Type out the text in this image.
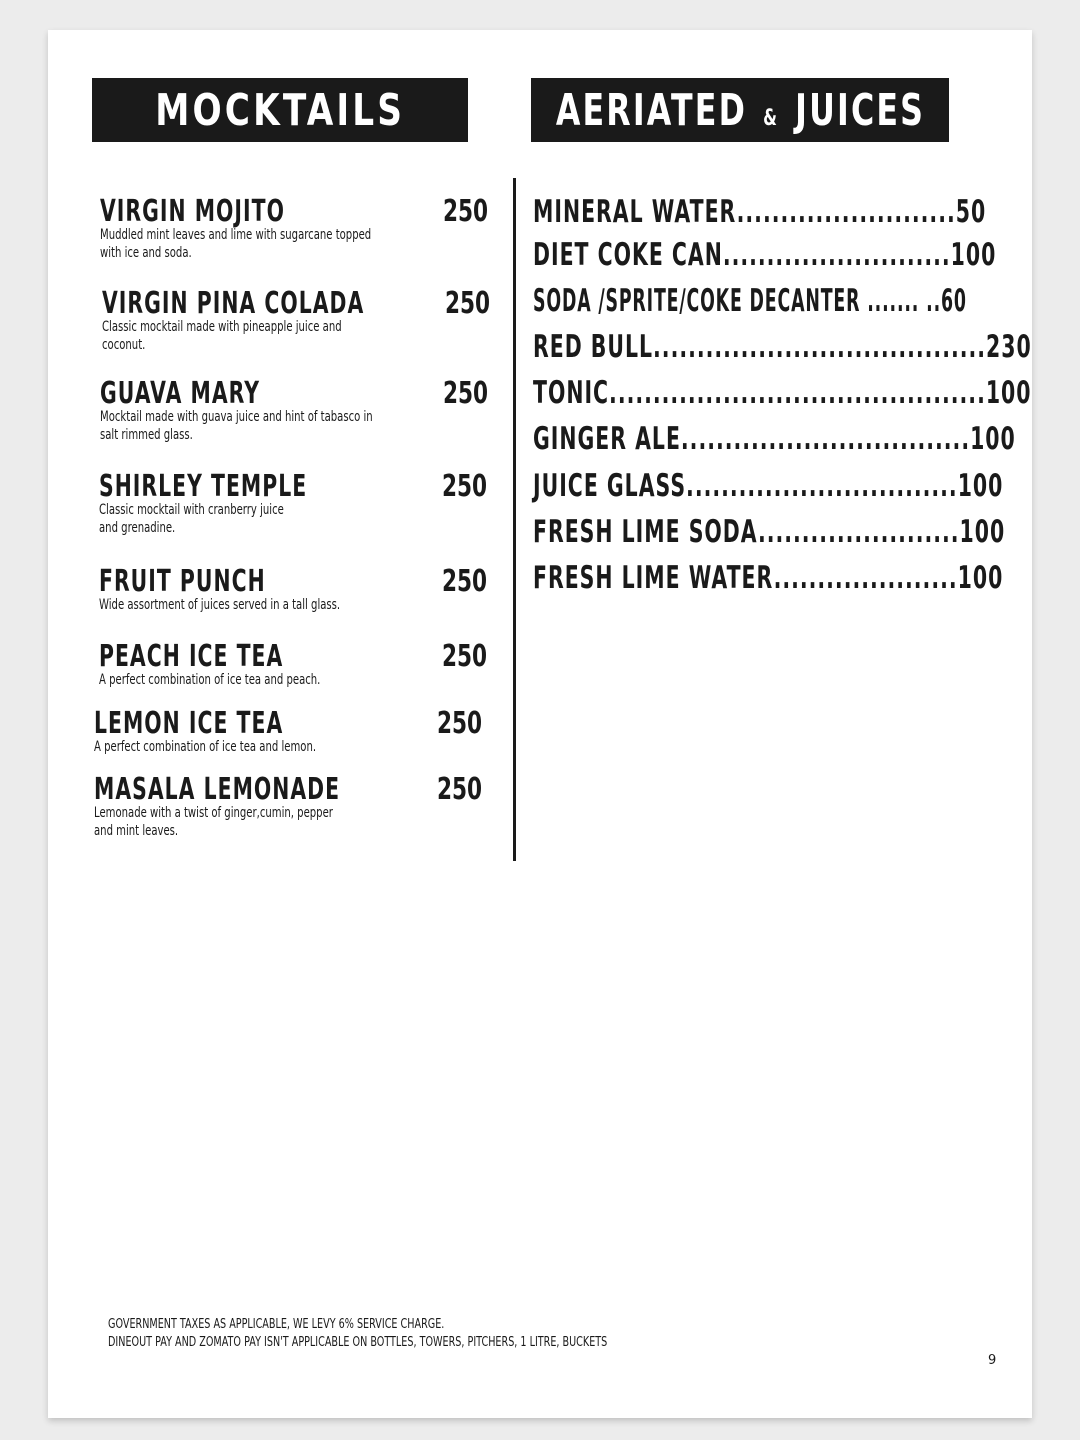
MOCKTAILS	AERIATED & JUICES
VIRGIN MOJITO	250
Muddled mint leaves and lime with sugarcane topped
with ice and soda.
VIRGIN PINA COLADA	250
Classic mocktail made with pineapple juice and
coconut.
GUAVA MARY	250
Mocktail made with guava juice and hint of tabasco in
salt rimmed glass.
SHIRLEY TEMPLE	250
Classic mocktail with cranberry juice
and grenadine.
FRUIT PUNCH	250
Wide assortment of juices served in a tall glass.
PEACH ICE TEA	250
A perfect combination of ice tea and peach.
LEMON ICE TEA	250
A perfect combination of ice tea and lemon.
MASALA LEMONADE	250
Lemonade with a twist of ginger,cumin, pepper
and mint leaves.
MINERAL WATER.........................50
DIET COKE CAN..........................100
SODA /SPRITE/COKE DECANTER ....... ..60
RED BULL......................................230
TONIC...........................................100
GINGER ALE.................................100
JUICE GLASS...............................100
FRESH LIME SODA.......................100
FRESH LIME WATER.....................100
GOVERNMENT TAXES AS APPLICABLE, WE LEVY 6% SERVICE CHARGE.
DINEOUT PAY AND ZOMATO PAY ISN'T APPLICABLE ON BOTTLES, TOWERS, PITCHERS, 1 LITRE, BUCKETS
9
